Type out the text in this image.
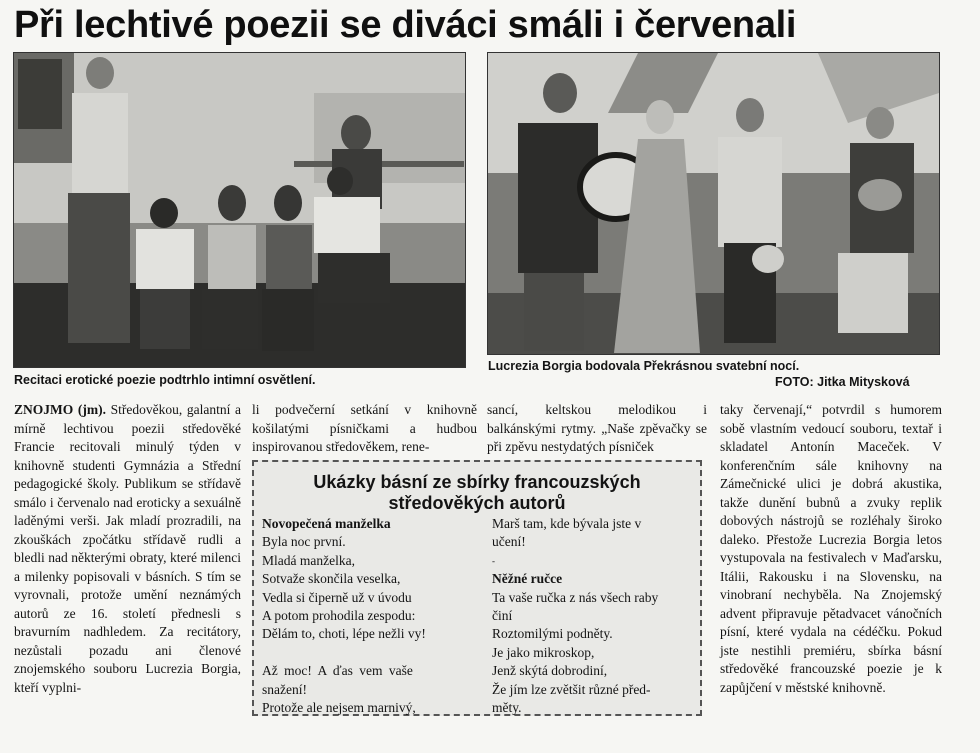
Při lechtivé poezii se diváci smáli i červenali
Recitaci erotické poezie podtrhlo intimní osvětlení.
Lucrezia Borgia bodovala Překrásnou svatební nocí.
FOTO: Jitka Mitysková
ZNOJMO (jm). Středověkou, galantní a mírně lechtivou poezii středověké Francie recitovali minulý týden v knihovně studenti Gymnázia a Střední pedagogické školy. Publikum se střídavě smálo i červenalo nad eroticky a sexuálně laděnými verši. Jak mladí prozradili, na zkouškách zpočátku střídavě rudli a bledli nad některými obraty, které milenci a milenky popisovali v básních. S tím se vyrovnali, protože umění neznámých autorů ze 16. století přednesli s bravurním nadhledem. Za recitátory, nezůstali pozadu ani členové znojemského souboru Lucrezia Borgia, kteří vyplni-
li podvečerní setkání v knihovně košilatými písničkami a hudbou inspirovanou středověkem, rene-
sancí, keltskou melodikou i balkánskými rytmy. „Naše zpěvačky se při zpěvu nestydatých písniček
taky červenají,“ potvrdil s humorem sobě vlastním vedoucí souboru, textař i skladatel Antonín Maceček. V konferenčním sále knihovny na Zámečnické ulici je dobrá akustika, takže dunění bubnů a zvuky replik dobových nástrojů se rozléhaly široko daleko. Přestože Lucrezia Borgia letos vystupovala na festivalech v Maďarsku, Itálii, Rakousku i na Slovensku, na vinobraní nechyběla. Na Znojemský advent připravuje pětadvacet vánočních písní, které vydala na cédéčku. Pokud jste nestihli premiéru, sbírka básní středověké francouzské poezie je k zapůjčení v městské knihovně.
Ukázky básní ze sbírky francouzských
středověkých autorů
Novopečená manželka
Byla noc první.
Mladá manželka,
Sotvaže skončila veselka,
Vedla si čiperně už v úvodu
A potom prohodila zespodu:
Dělám to, choti, lépe nežli vy!
Až moc! A ďas vem vaše
snažení!
Protože ale nejsem marnivý,
Marš tam, kde bývala jste v
učení!
-
Něžné ručce
Ta vaše ručka z nás všech raby
činí
Roztomilými podněty.
Je jako mikroskop,
Jenž skýtá dobrodiní,
Že jím lze zvětšit různé před-
měty.
